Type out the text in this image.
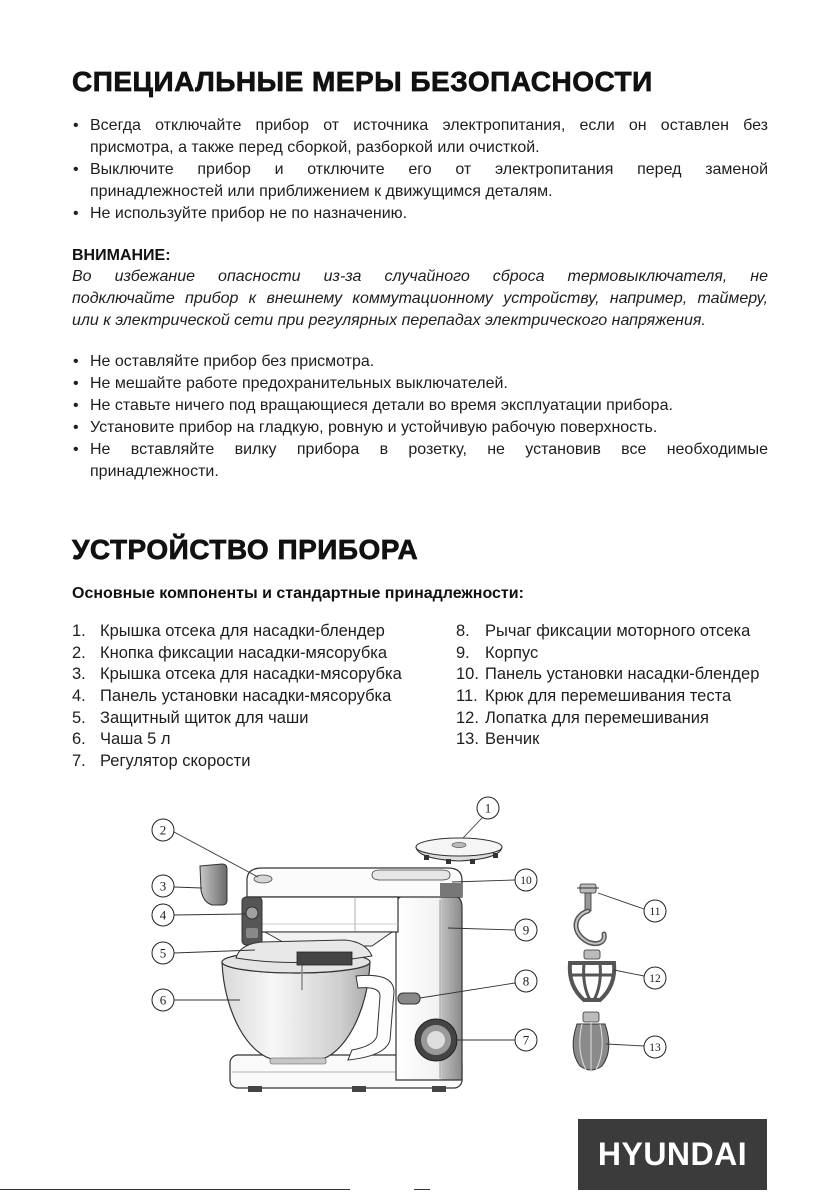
СПЕЦИАЛЬНЫЕ МЕРЫ БЕЗОПАСНОСТИ
• Всегда отключайте прибор от источника электропитания, если он оставлен без
присмотра, а также перед сборкой, разборкой или очисткой.
• Выключите прибор и отключите его от электропитания перед заменой
принадлежностей или приближением к движущимся деталям.
• Не используйте прибор не по назначению.
ВНИМАНИЕ:
Во избежание опасности из-за случайного сброса термовыключателя, не
подключайте прибор к внешнему коммутационному устройству, например, таймеру,
или к электрической сети при регулярных перепадах электрического напряжения.
• Не оставляйте прибор без присмотра.
• Не мешайте работе предохранительных выключателей.
• Не ставьте ничего под вращающиеся детали во время эксплуатации прибора.
• Установите прибор на гладкую, ровную и устойчивую рабочую поверхность.
• Не вставляйте вилку прибора в розетку, не установив все необходимые
принадлежности.
УСТРОЙСТВО ПРИБОРА
Основные компоненты и стандартные принадлежности:
1. Крышка отсека для насадки-блендер
2. Кнопка фиксации насадки-мясорубка
3. Крышка отсека для насадки-мясорубка
4. Панель установки насадки-мясорубка
5. Защитный щиток для чаши
6. Чаша 5 л
7. Регулятор скорости
8. Рычаг фиксации моторного отсека
9. Корпус
10. Панель установки насадки-блендер
11. Крюк для перемешивания теста
12. Лопатка для перемешивания
13. Венчик
1
2
3
4
5
6
7
8
9
10
11
12
13
HYUNDAI
